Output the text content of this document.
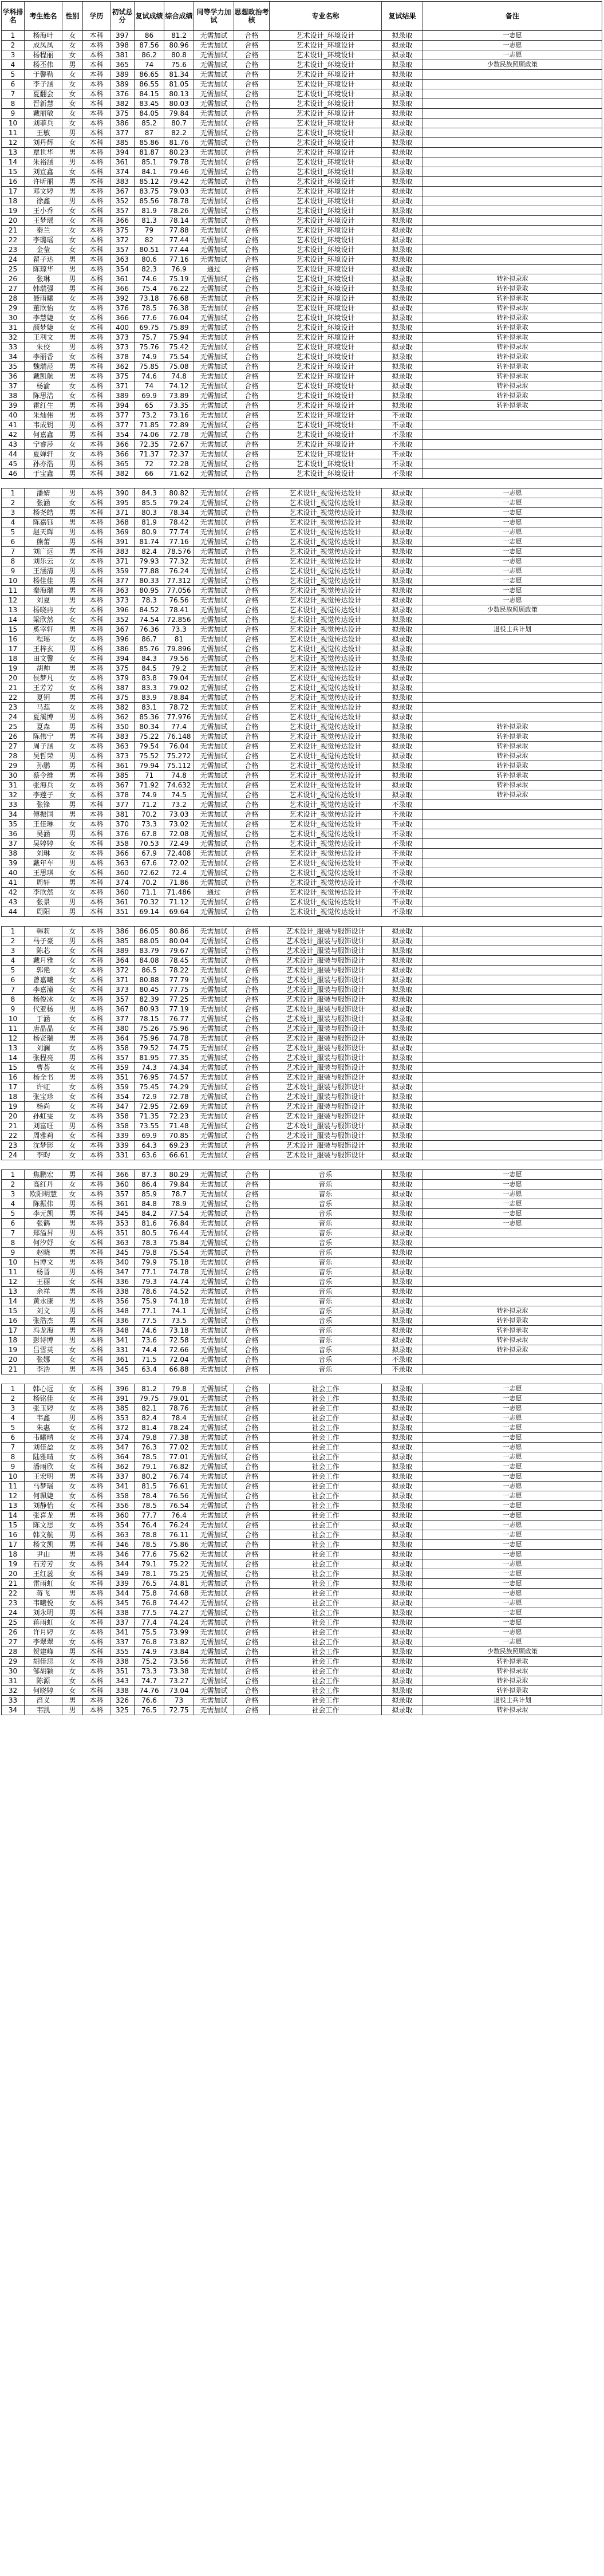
学科排名	考生姓名	性别	学历	初试总分	复试成绩	综合成绩	同等学力加试	思想政治考核	专业名称	复试结果	备注
1	杨海叶	女	本科	397	86	81.2	无需加试	合格	艺术设计_环境设计	拟录取	一志愿
2	成凤凤	女	本科	398	87.56	80.96	无需加试	合格	艺术设计_环境设计	拟录取	一志愿
3	杨程丽	女	本科	381	86.2	80.8	无需加试	合格	艺术设计_环境设计	拟录取	一志愿
4	杨丕伟	男	本科	365	74	75.6	无需加试	合格	艺术设计_环境设计	拟录取	少数民族照顾政策
5	于馨勒	女	本科	389	86.65	81.34	无需加试	合格	艺术设计_环境设计	拟录取	
6	李子涵	女	本科	389	86.55	81.05	无需加试	合格	艺术设计_环境设计	拟录取	
7	夏翻会	女	本科	376	84.15	80.13	无需加试	合格	艺术设计_环境设计	拟录取	
8	晋新慧	女	本科	382	83.45	80.03	无需加试	合格	艺术设计_环境设计	拟录取	
9	戴丽敏	女	本科	375	84.05	79.84	无需加试	合格	艺术设计_环境设计	拟录取	
10	刘菲兵	女	本科	386	85.2	80.7	无需加试	合格	艺术设计_环境设计	拟录取	
11	王敏	男	本科	377	87	82.2	无需加试	合格	艺术设计_环境设计	拟录取	
12	刘丹辉	女	本科	385	85.86	81.76	无需加试	合格	艺术设计_环境设计	拟录取	
13	覃世华	男	本科	394	81.87	80.23	无需加试	合格	艺术设计_环境设计	拟录取	
14	朱裕涵	男	本科	361	85.1	79.78	无需加试	合格	艺术设计_环境设计	拟录取	
15	刘宣鑫	女	本科	374	84.1	79.46	无需加试	合格	艺术设计_环境设计	拟录取	
16	许昕丽	男	本科	383	85.12	79.42	无需加试	合格	艺术设计_环境设计	拟录取	
17	邓文婷	男	本科	367	83.75	79.03	无需加试	合格	艺术设计_环境设计	拟录取	
18	徐鑫	男	本科	352	85.56	78.78	无需加试	合格	艺术设计_环境设计	拟录取	
19	王小乔	女	本科	357	81.9	78.26	无需加试	合格	艺术设计_环境设计	拟录取	
20	王梦瑶	女	本科	366	81.3	78.14	无需加试	合格	艺术设计_环境设计	拟录取	
21	秦兰	女	本科	375	79	77.88	无需加试	合格	艺术设计_环境设计	拟录取	
22	李璐瑶	女	本科	372	82	77.44	无需加试	合格	艺术设计_环境设计	拟录取	
23	金莹	女	本科	357	80.51	77.44	无需加试	合格	艺术设计_环境设计	拟录取	
24	翟子达	男	本科	363	80.6	77.16	无需加试	合格	艺术设计_环境设计	拟录取	
25	陈琼华	男	本科	354	82.3	76.9	通过	合格	艺术设计_环境设计	拟录取	
26	张琳	男	本科	361	74.6	75.19	无需加试	合格	艺术设计_环境设计	拟录取	转补拟录取
27	韩瑞强	男	本科	366	75.4	76.22	无需加试	合格	艺术设计_环境设计	拟录取	转补拟录取
28	聂雨曦	女	本科	392	73.18	76.68	无需加试	合格	艺术设计_环境设计	拟录取	转补拟录取
29	董欣怡	女	本科	376	78.5	76.38	无需加试	合格	艺术设计_环境设计	拟录取	转补拟录取
30	李慧婕	女	本科	366	77.6	76.04	无需加试	合格	艺术设计_环境设计	拟录取	转补拟录取
31	颜梦婕	女	本科	400	69.75	75.89	无需加试	合格	艺术设计_环境设计	拟录取	转补拟录取
32	王利文	男	本科	373	75.7	75.94	无需加试	合格	艺术设计_环境设计	拟录取	转补拟录取
33	朱佼	男	本科	373	75.76	75.42	无需加试	合格	艺术设计_环境设计	拟录取	转补拟录取
34	李丽香	女	本科	378	74.9	75.54	无需加试	合格	艺术设计_环境设计	拟录取	转补拟录取
35	魏瑞范	男	本科	362	75.85	75.08	无需加试	合格	艺术设计_环境设计	拟录取	转补拟录取
36	戴凯航	男	本科	375	74.6	74.8	无需加试	合格	艺术设计_环境设计	拟录取	转补拟录取
37	杨渝	女	本科	371	74	74.12	无需加试	合格	艺术设计_环境设计	拟录取	转补拟录取
38	陈思洁	女	本科	389	69.9	73.89	无需加试	合格	艺术设计_环境设计	拟录取	转补拟录取
39	霍红生	男	本科	394	65	73.35	无需加试	合格	艺术设计_环境设计	拟录取	转补拟录取
40	朱灿伟	男	本科	377	73.2	73.16	无需加试	合格	艺术设计_环境设计	不录取	
41	韦成钥	男	本科	377	71.85	72.89	无需加试	合格	艺术设计_环境设计	不录取	
42	何嘉鑫	男	本科	354	74.06	72.78	无需加试	合格	艺术设计_环境设计	不录取	
43	宁睿莎	女	本科	366	72.35	72.67	无需加试	合格	艺术设计_环境设计	不录取	
44	夏婵轩	女	本科	366	71.37	72.37	无需加试	合格	艺术设计_环境设计	不录取	
45	孙亦浩	男	本科	365	72	72.28	无需加试	合格	艺术设计_环境设计	不录取	
46	于宝鑫	男	本科	382	66	71.62	无需加试	合格	艺术设计_环境设计	不录取	

1	潘婧	男	本科	390	84.3	80.82	无需加试	合格	艺术设计_视觉传达设计	拟录取	一志愿
2	张涵	女	本科	395	85.5	79.24	无需加试	合格	艺术设计_视觉传达设计	拟录取	一志愿
3	杨尧皓	男	本科	371	80.3	78.34	无需加试	合格	艺术设计_视觉传达设计	拟录取	一志愿
4	陈嘉钰	男	本科	368	81.9	78.42	无需加试	合格	艺术设计_视觉传达设计	拟录取	一志愿
5	赵天晖	男	本科	369	80.9	77.74	无需加试	合格	艺术设计_视觉传达设计	拟录取	一志愿
6	熊蕾	男	本科	391	81.74	77.16	无需加试	合格	艺术设计_视觉传达设计	拟录取	一志愿
7	刘广远	男	本科	383	82.4	78.576	无需加试	合格	艺术设计_视觉传达设计	拟录取	一志愿
8	刘乐云	女	本科	371	79.93	77.32	无需加试	合格	艺术设计_视觉传达设计	拟录取	一志愿
9	王涵清	男	本科	359	77.88	76.24	无需加试	合格	艺术设计_视觉传达设计	拟录取	一志愿
10	杨佳佳	男	本科	377	80.33	77.312	无需加试	合格	艺术设计_视觉传达设计	拟录取	一志愿
11	秦海瑞	男	本科	363	80.95	77.056	无需加试	合格	艺术设计_视觉传达设计	拟录取	一志愿
12	刘夏	男	本科	373	78.3	76.56	无需加试	合格	艺术设计_视觉传达设计	拟录取	一志愿
13	杨晓冉	女	本科	396	84.52	78.41	无需加试	合格	艺术设计_视觉传达设计	拟录取	少数民族照顾政策
14	梁欣然	女	本科	352	74.54	72.856	无需加试	合格	艺术设计_视觉传达设计	拟录取	
15	奚宰轩	男	本科	367	76.36	73.3	无需加试	合格	艺术设计_视觉传达设计	拟录取	退役士兵计划
16	程瑶	女	本科	396	86.7	81	无需加试	合格	艺术设计_视觉传达设计	拟录取	
17	王梓玄	男	本科	386	85.76	79.896	无需加试	合格	艺术设计_视觉传达设计	拟录取	
18	田文馨	女	本科	394	84.3	79.56	无需加试	合格	艺术设计_视觉传达设计	拟录取	
19	胡帅	男	本科	375	84.5	79.2	无需加试	合格	艺术设计_视觉传达设计	拟录取	
20	侯梦凡	女	本科	379	83.8	79.04	无需加试	合格	艺术设计_视觉传达设计	拟录取	
21	王芳芳	女	本科	387	83.3	79.02	无需加试	合格	艺术设计_视觉传达设计	拟录取	
22	夏钥	男	本科	375	83.9	78.84	无需加试	合格	艺术设计_视觉传达设计	拟录取	
23	马蕊	女	本科	382	83.1	78.72	无需加试	合格	艺术设计_视觉传达设计	拟录取	
24	夏溪博	男	本科	362	85.36	77.976	无需加试	合格	艺术设计_视觉传达设计	拟录取	
25	夏森	男	本科	350	80.34	77.4	无需加试	合格	艺术设计_视觉传达设计	拟录取	转补拟录取
26	陈伟宁	男	本科	383	75.22	76.148	无需加试	合格	艺术设计_视觉传达设计	拟录取	转补拟录取
27	周子涵	女	本科	363	79.54	76.04	无需加试	合格	艺术设计_视觉传达设计	拟录取	转补拟录取
28	吴哲荣	男	本科	373	75.52	75.272	无需加试	合格	艺术设计_视觉传达设计	拟录取	转补拟录取
29	孙鹏	男	本科	361	79.94	75.112	无需加试	合格	艺术设计_视觉传达设计	拟录取	转补拟录取
30	蔡令维	男	本科	385	71	74.8	无需加试	合格	艺术设计_视觉传达设计	拟录取	转补拟录取
31	张海兵	女	本科	367	71.92	74.632	无需加试	合格	艺术设计_视觉传达设计	拟录取	转补拟录取
32	李莲子	女	本科	378	74.9	74.5	无需加试	合格	艺术设计_视觉传达设计	拟录取	转补拟录取
33	张锋	男	本科	377	71.2	73.2	无需加试	合格	艺术设计_视觉传达设计	不录取	
34	傅振国	男	本科	381	70.2	73.03	无需加试	合格	艺术设计_视觉传达设计	不录取	
35	王佳琳	女	本科	370	73.3	73.02	无需加试	合格	艺术设计_视觉传达设计	不录取	
36	吴涵	男	本科	376	67.8	72.08	无需加试	合格	艺术设计_视觉传达设计	不录取	
37	吴婷婷	女	本科	358	70.53	72.49	无需加试	合格	艺术设计_视觉传达设计	不录取	
38	刘琳	女	本科	366	67.9	72.408	无需加试	合格	艺术设计_视觉传达设计	不录取	
39	戴年车	男	本科	363	67.6	72.02	无需加试	合格	艺术设计_视觉传达设计	不录取	
40	王思琪	女	本科	360	72.62	72.4	无需加试	合格	艺术设计_视觉传达设计	不录取	
41	周轩	男	本科	374	70.2	71.86	无需加试	合格	艺术设计_视觉传达设计	不录取	
42	李欣然	女	本科	360	71.1	71.486	通过	合格	艺术设计_视觉传达设计	不录取	
43	张景	男	本科	361	70.32	71.12	无需加试	合格	艺术设计_视觉传达设计	不录取	
44	周阳	男	本科	351	69.14	69.64	无需加试	合格	艺术设计_视觉传达设计	不录取	

1	韩莉	女	本科	386	86.05	80.86	无需加试	合格	艺术设计_服装与服饰设计	拟录取	
2	马子豪	男	本科	385	88.05	80.04	无需加试	合格	艺术设计_服装与服饰设计	拟录取	
3	陈芯	女	本科	389	83.79	79.67	无需加试	合格	艺术设计_服装与服饰设计	拟录取	
4	戴月雅	女	本科	364	84.08	78.45	无需加试	合格	艺术设计_服装与服饰设计	拟录取	
5	郭艳	女	本科	372	86.5	78.22	无需加试	合格	艺术设计_服装与服饰设计	拟录取	
6	曾嘉曦	女	本科	371	80.88	77.79	无需加试	合格	艺术设计_服装与服饰设计	拟录取	
7	李嘉潼	女	本科	373	80.45	77.75	无需加试	合格	艺术设计_服装与服饰设计	拟录取	
8	杨俊冰	女	本科	357	82.39	77.25	无需加试	合格	艺术设计_服装与服饰设计	拟录取	
9	代亚杨	男	本科	367	80.93	77.19	无需加试	合格	艺术设计_服装与服饰设计	拟录取	
10	于涵	女	本科	377	78.15	76.77	无需加试	合格	艺术设计_服装与服饰设计	拟录取	
11	唐晶晶	女	本科	380	75.26	75.96	无需加试	合格	艺术设计_服装与服饰设计	拟录取	
12	杨贤瑞	男	本科	364	75.96	74.78	无需加试	合格	艺术设计_服装与服饰设计	拟录取	
13	刘澜	女	本科	358	79.52	74.75	无需加试	合格	艺术设计_服装与服饰设计	拟录取	
14	张程亮	男	本科	357	81.95	77.35	无需加试	合格	艺术设计_服装与服饰设计	拟录取	
15	曹荟	女	本科	359	74.3	74.34	无需加试	合格	艺术设计_服装与服饰设计	拟录取	
16	杨全书	男	本科	351	76.95	74.57	无需加试	合格	艺术设计_服装与服饰设计	拟录取	
17	许虹	女	本科	359	75.45	74.29	无需加试	合格	艺术设计_服装与服饰设计	拟录取	
18	张宝珍	女	本科	354	72.9	72.78	无需加试	合格	艺术设计_服装与服饰设计	拟录取	
19	杨尚	女	本科	347	72.95	72.69	无需加试	合格	艺术设计_服装与服饰设计	拟录取	
20	孙虹雯	女	本科	358	71.35	72.23	无需加试	合格	艺术设计_服装与服饰设计	拟录取	
21	刘富旺	男	本科	358	73.55	71.48	无需加试	合格	艺术设计_服装与服饰设计	拟录取	
22	周雅莉	女	本科	339	69.9	70.85	无需加试	合格	艺术设计_服装与服饰设计	拟录取	
23	沈梦影	女	本科	339	64.3	69.23	无需加试	合格	艺术设计_服装与服饰设计	拟录取	
24	李昀	女	本科	331	63.6	66.61	无需加试	合格	艺术设计_服装与服饰设计	拟录取	

1	焦鹏宏	男	本科	366	87.3	80.29	无需加试	合格	音乐	拟录取	一志愿
2	高红丹	女	本科	360	86.4	79.84	无需加试	合格	音乐	拟录取	一志愿
3	欧阳明慧	女	本科	357	85.9	78.7	无需加试	合格	音乐	拟录取	一志愿
4	陈振伟	男	本科	361	84.8	78.9	无需加试	合格	音乐	拟录取	一志愿
5	李元凯	男	本科	345	84.2	77.54	无需加试	合格	音乐	拟录取	一志愿
6	张鹤	男	本科	353	81.6	76.84	无需加试	合格	音乐	拟录取	一志愿
7	郑溢昇	男	本科	351	80.5	76.44	无需加试	合格	音乐	拟录取	
8	何汐妤	女	本科	363	78.3	75.84	无需加试	合格	音乐	拟录取	
9	赵晓	男	本科	345	79.8	75.54	无需加试	合格	音乐	拟录取	
10	吕博文	男	本科	340	79.9	75.18	无需加试	合格	音乐	拟录取	
11	杨晋	男	本科	347	77.1	74.78	无需加试	合格	音乐	拟录取	
12	王丽	女	本科	336	79.3	74.74	无需加试	合格	音乐	拟录取	
13	余祥	男	本科	338	78.6	74.52	无需加试	合格	音乐	拟录取	
14	黄永康	男	本科	356	75.9	74.18	无需加试	合格	音乐	拟录取	
15	刘文	男	本科	348	77.1	74.1	无需加试	合格	音乐	拟录取	转补拟录取
16	张浩杰	男	本科	336	77.5	73.5	无需加试	合格	音乐	拟录取	转补拟录取
17	冯龙海	男	本科	348	74.6	73.18	无需加试	合格	音乐	拟录取	转补拟录取
18	彭诗博	男	本科	341	73.6	72.58	无需加试	合格	音乐	拟录取	转补拟录取
19	吕雪英	女	本科	331	74.4	72.66	无需加试	合格	音乐	拟录取	转补拟录取
20	张娜	女	本科	361	71.5	72.04	无需加试	合格	音乐	不录取	
21	李浩	男	本科	345	63.4	66.88	无需加试	合格	音乐	不录取	

1	韩心远	女	本科	396	81.2	79.8	无需加试	合格	社会工作	拟录取	一志愿
2	杨铭佳	女	本科	391	79.75	79.01	无需加试	合格	社会工作	拟录取	一志愿
3	张玉婷	女	本科	385	82.1	78.76	无需加试	合格	社会工作	拟录取	一志愿
4	韦鑫	男	本科	353	82.4	78.4	无需加试	合格	社会工作	拟录取	一志愿
5	朱惠	女	本科	372	81.4	78.24	无需加试	合格	社会工作	拟录取	一志愿
6	韦曦晴	女	本科	374	79.8	77.38	无需加试	合格	社会工作	拟录取	一志愿
7	刘佳盈	女	本科	347	76.3	77.02	无需加试	合格	社会工作	拟录取	一志愿
8	陆雅晴	女	本科	364	78.5	77.01	无需加试	合格	社会工作	拟录取	一志愿
9	潘雨欣	女	本科	362	79.1	76.82	无需加试	合格	社会工作	拟录取	一志愿
10	王宏明	男	本科	337	80.2	76.74	无需加试	合格	社会工作	拟录取	一志愿
11	马梦瑶	女	本科	341	81.5	76.61	无需加试	合格	社会工作	拟录取	一志愿
12	何珮婕	女	本科	358	78.4	76.56	无需加试	合格	社会工作	拟录取	一志愿
13	刘静怡	女	本科	356	78.5	76.54	无需加试	合格	社会工作	拟录取	一志愿
14	张喜龙	男	本科	360	77.7	76.4	无需加试	合格	社会工作	拟录取	一志愿
15	陈文思	女	本科	354	76.4	76.24	无需加试	合格	社会工作	拟录取	一志愿
16	韩文航	男	本科	363	78.8	76.11	无需加试	合格	社会工作	拟录取	一志愿
17	杨文凯	男	本科	346	78.5	75.86	无需加试	合格	社会工作	拟录取	一志愿
18	尹山	男	本科	346	77.6	75.62	无需加试	合格	社会工作	拟录取	一志愿
19	石芳芳	女	本科	344	79.1	75.22	无需加试	合格	社会工作	拟录取	一志愿
20	王红蕊	女	本科	349	78.1	75.25	无需加试	合格	社会工作	拟录取	一志愿
21	雷雨虹	女	本科	339	76.5	74.81	无需加试	合格	社会工作	拟录取	一志愿
22	蒋飞	男	本科	344	75.8	74.68	无需加试	合格	社会工作	拟录取	一志愿
23	韦曦悦	女	本科	345	76.8	74.42	无需加试	合格	社会工作	拟录取	一志愿
24	刘永明	男	本科	338	77.5	74.27	无需加试	合格	社会工作	拟录取	一志愿
25	蒋雨虹	女	本科	337	77.4	74.24	无需加试	合格	社会工作	拟录取	一志愿
26	许月婷	女	本科	341	75.5	73.99	无需加试	合格	社会工作	拟录取	一志愿
27	李翠翠	女	本科	337	76.8	73.82	无需加试	合格	社会工作	拟录取	一志愿
28	贺建峰	男	本科	355	74.9	73.84	无需加试	合格	社会工作	拟录取	少数民族照顾政策
29	胡佳思	女	本科	338	75.2	73.56	无需加试	合格	社会工作	拟录取	转补拟录取
30	邹胡颖	女	本科	351	73.3	73.38	无需加试	合格	社会工作	拟录取	转补拟录取
31	陈源	女	本科	343	74.7	73.27	无需加试	合格	社会工作	拟录取	转补拟录取
32	何晓婷	女	本科	338	74.76	73.04	无需加试	合格	社会工作	拟录取	转补拟录取
33	舀义	男	本科	326	76.6	73	无需加试	合格	社会工作	拟录取	退役士兵计划
34	韦凯	男	本科	325	76.5	72.75	无需加试	合格	社会工作	拟录取	转补拟录取
